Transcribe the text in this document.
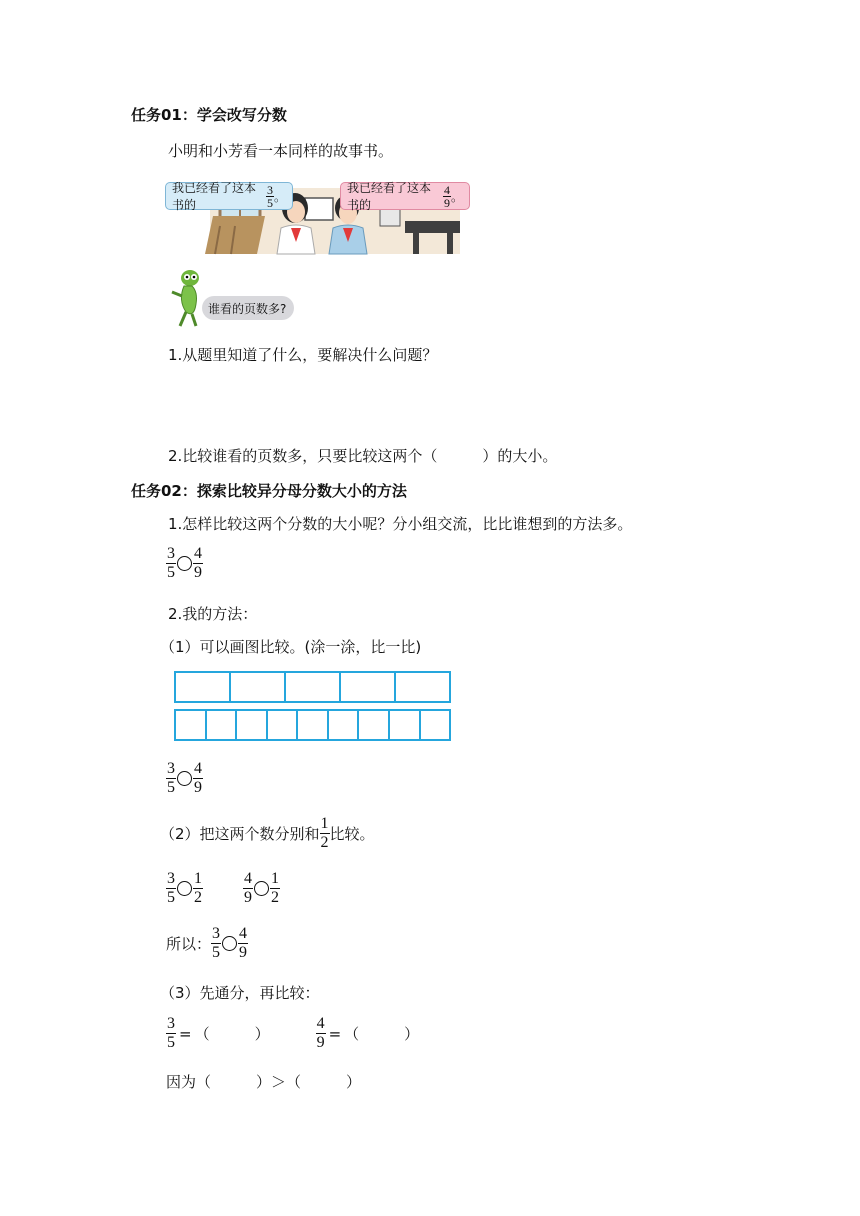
任务01：学会改写分数
小明和小芳看一本同样的故事书。
我已经看了这本书的	$\frac{3}{5}$ 。
我已经看了这本书的	$\frac{4}{9}$ 。
谁看的页数多?
1.从题里知道了什么，要解决什么问题？
2.比较谁看的页数多，只要比较这两个（　　　）的大小。
任务02：探索比较异分母分数大小的方法
1.怎样比较这两个分数的大小呢？分小组交流，比比谁想到的方法多。
$\frac{3}{5} \frac{4}{9}$
2.我的方法：
（1）可以画图比较。(涂一涂，比一比)
$\frac{3}{5} \frac{4}{9}$
（2）把这两个数分别和 $\frac{1}{2}$ 比较。
$\frac{3}{5} \frac{1}{2}$	$\frac{4}{9} \frac{1}{2}$
所以： $\frac{3}{5} \frac{4}{9}$
（3）先通分，再比较：
$\frac{3}{5}$ = （　　　）	$\frac{4}{9}$ = （　　　）
因为（ 　　　）＞（ 　　　）
